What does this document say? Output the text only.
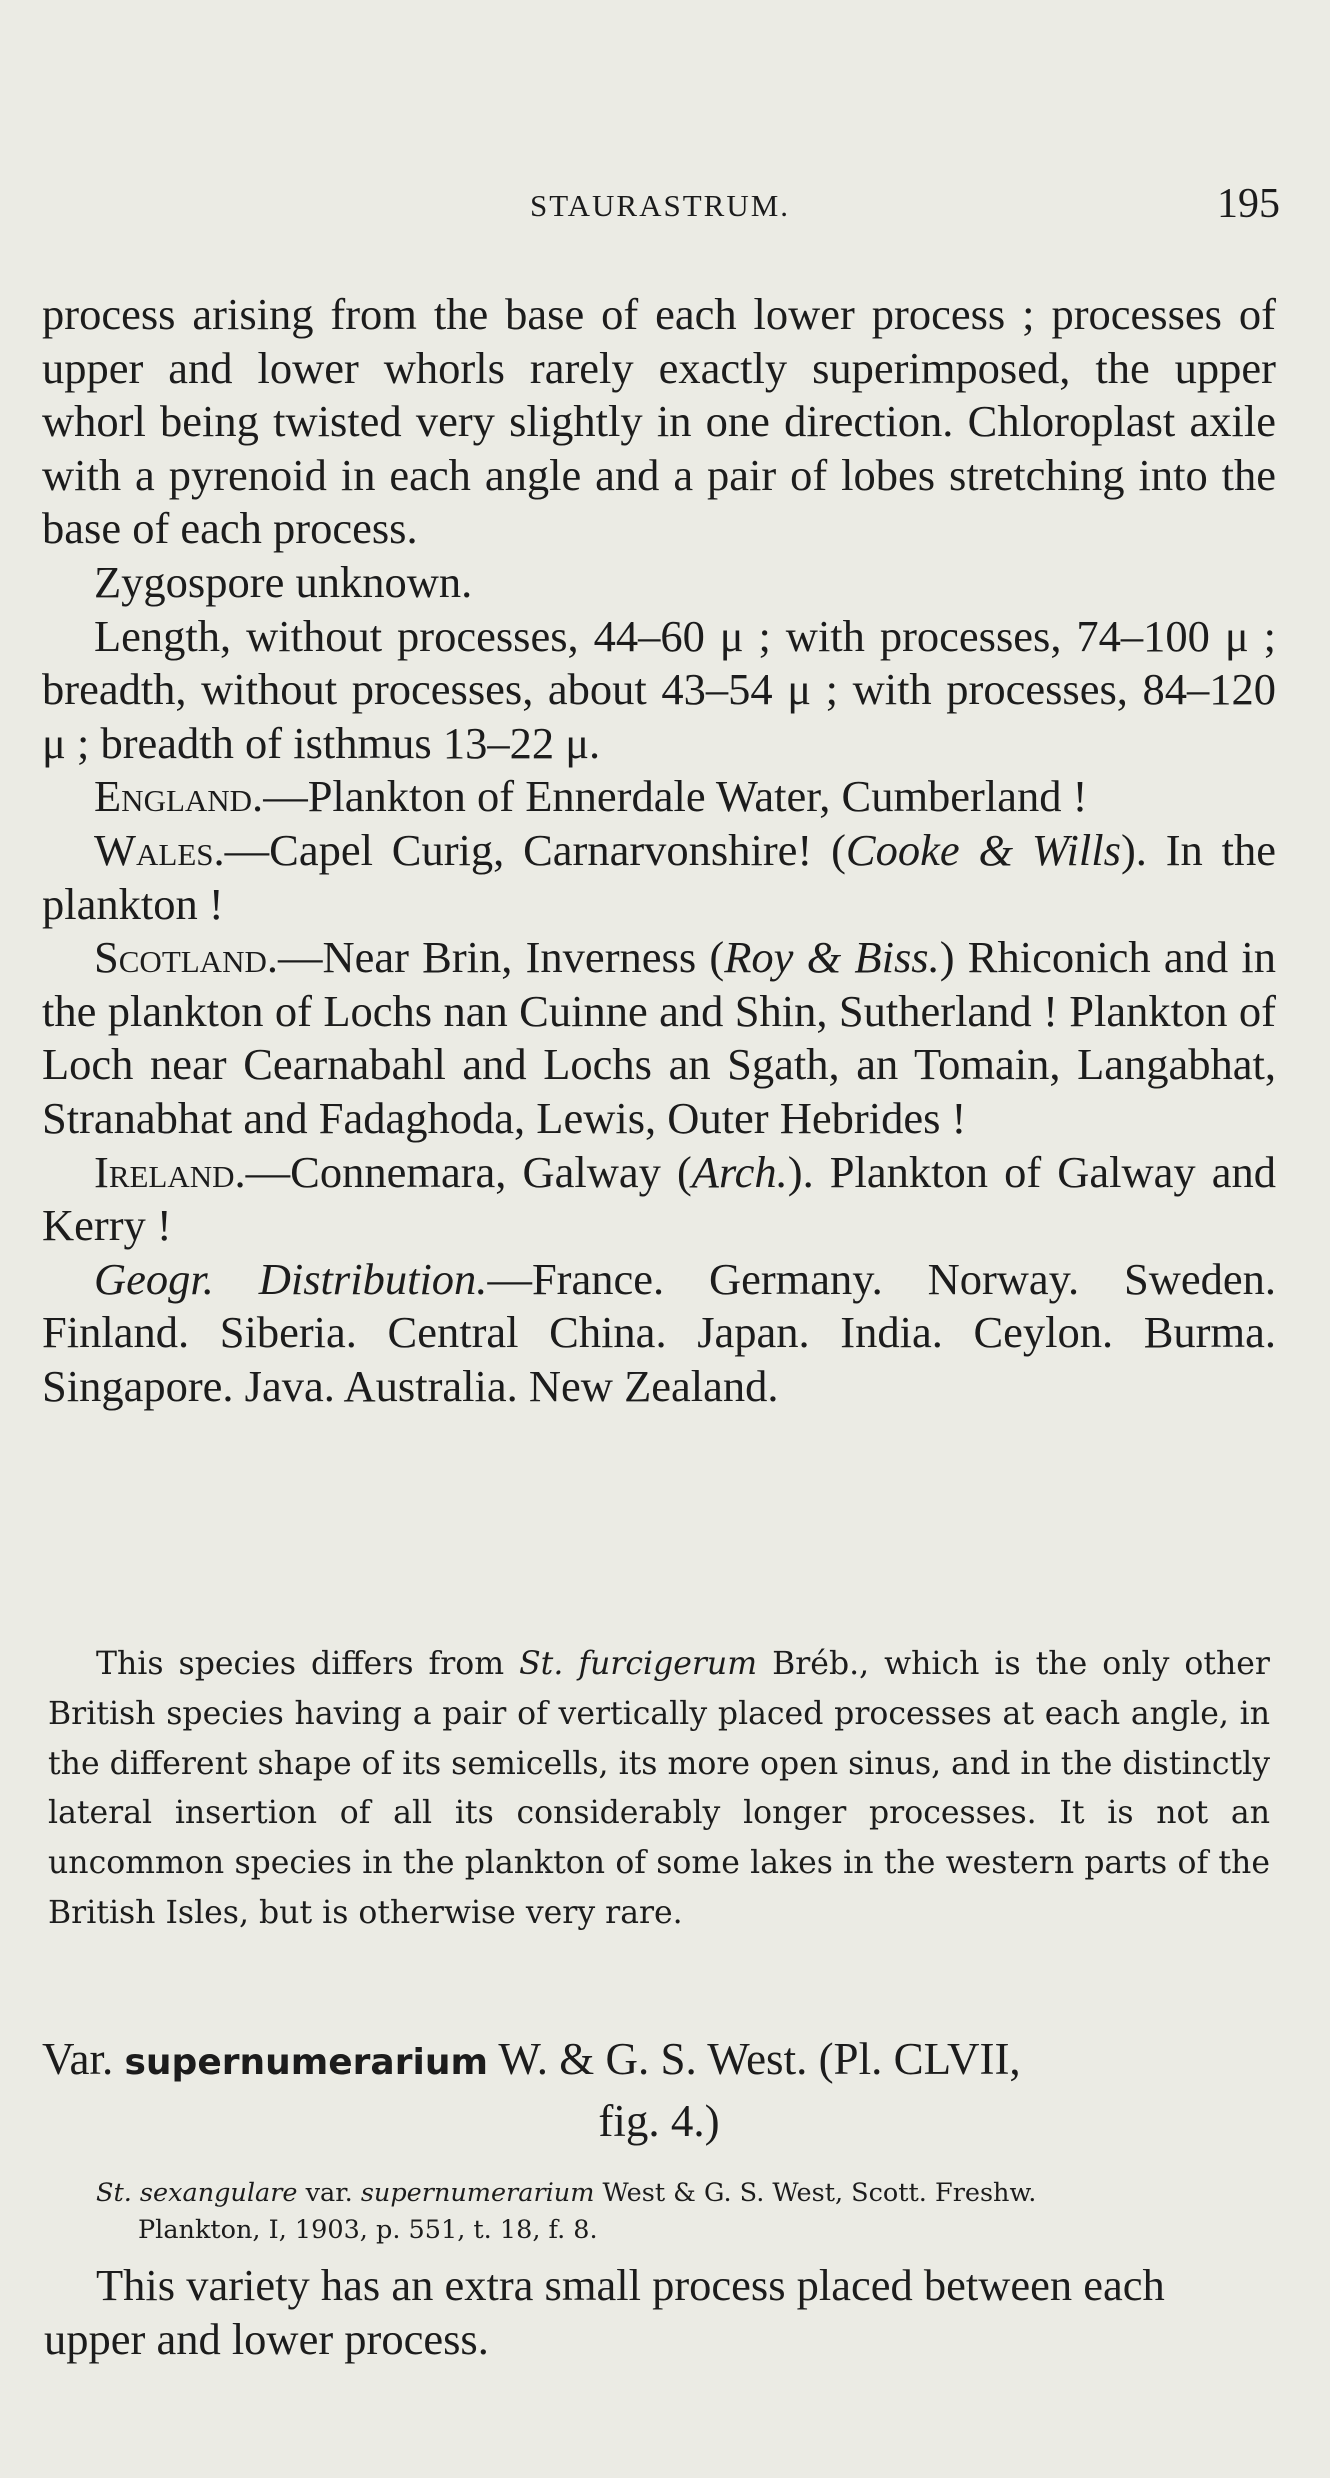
STAURASTRUM.	195

process arising from the base of each lower process ; processes of upper and lower whorls rarely exactly superimposed, the upper whorl being twisted very slightly in one direction. Chloroplast axile with a pyrenoid in each angle and a pair of lobes stretching into the base of each process.

Zygospore unknown.

Length, without processes, 44–60 μ ; with processes, 74–100 μ ; breadth, without processes, about 43–54 μ ; with processes, 84–120 μ ; breadth of isthmus 13–22 μ.

England.—Plankton of Ennerdale Water, Cumberland !

Wales.—Capel Curig, Carnarvonshire! (Cooke & Wills). In the plankton !

Scotland.—Near Brin, Inverness (Roy & Biss.) Rhiconich and in the plankton of Lochs nan Cuinne and Shin, Sutherland ! Plankton of Loch near Cearnabahl and Lochs an Sgath, an Tomain, Langabhat, Stranabhat and Fadaghoda, Lewis, Outer Hebrides !

Ireland.—Connemara, Galway (Arch.). Plankton of Galway and Kerry !

Geogr. Distribution.—France. Germany. Norway. Sweden. Finland. Siberia. Central China. Japan. India. Ceylon. Burma. Singapore. Java. Australia. New Zealand.

This species differs from St. furcigerum Bréb., which is the only other British species having a pair of vertically placed processes at each angle, in the different shape of its semicells, its more open sinus, and in the distinctly lateral insertion of all its considerably longer processes. It is not an uncommon species in the plankton of some lakes in the western parts of the British Isles, but is otherwise very rare.

Var. supernumerarium W. & G. S. West. (Pl. CLVII,
fig. 4.)
St. sexangulare var. supernumerarium West & G. S. West, Scott. Freshw.
Plankton, I, 1903, p. 551, t. 18, f. 8.

This variety has an extra small process placed between each upper and lower process.
